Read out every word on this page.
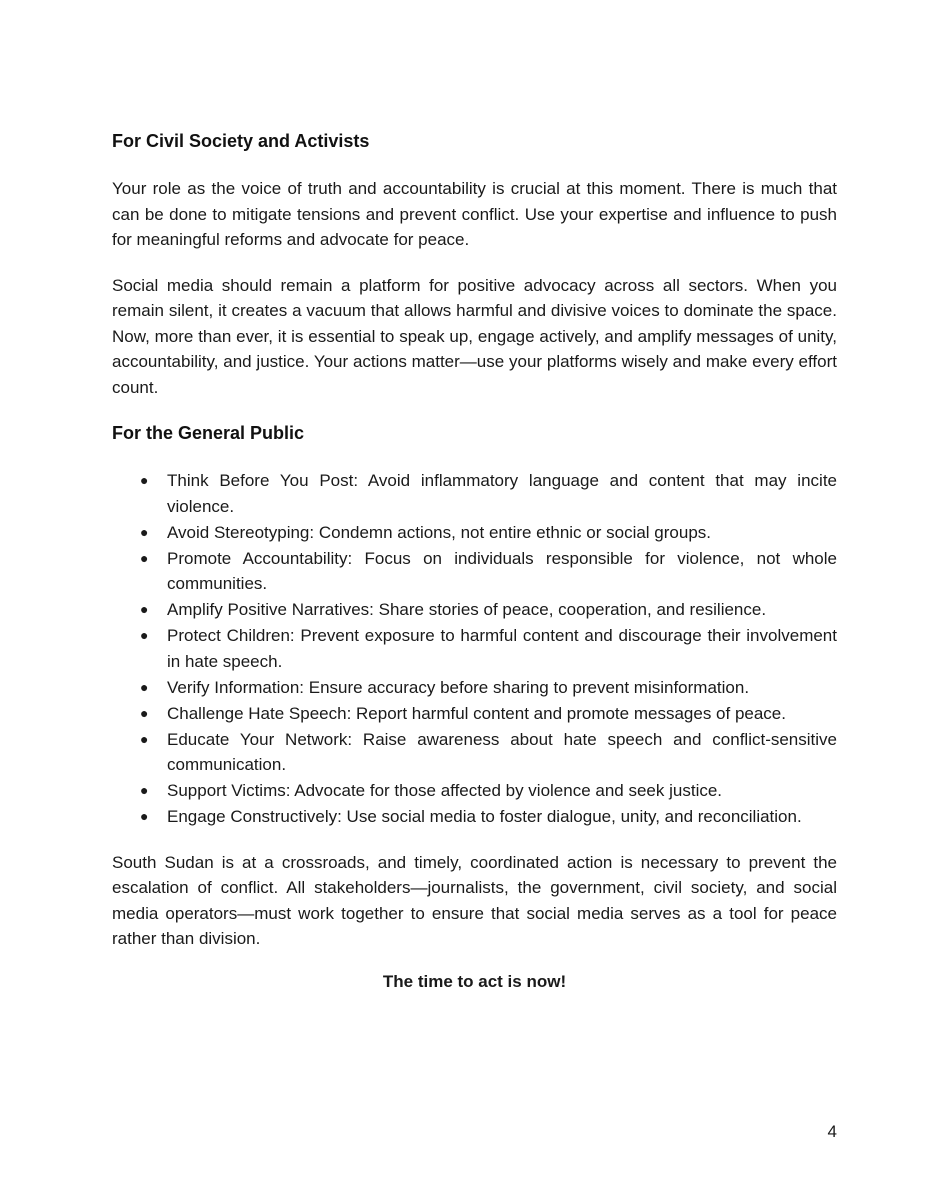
For Civil Society and Activists

Your role as the voice of truth and accountability is crucial at this moment. There is much that can be done to mitigate tensions and prevent conflict. Use your expertise and influence to push for meaningful reforms and advocate for peace.

Social media should remain a platform for positive advocacy across all sectors. When you remain silent, it creates a vacuum that allows harmful and divisive voices to dominate the space. Now, more than ever, it is essential to speak up, engage actively, and amplify messages of unity, accountability, and justice. Your actions matter—use your platforms wisely and make every effort count.

For the General Public
● Think Before You Post: Avoid inflammatory language and content that may incite violence.
● Avoid Stereotyping: Condemn actions, not entire ethnic or social groups.
● Promote Accountability: Focus on individuals responsible for violence, not whole communities.
● Amplify Positive Narratives: Share stories of peace, cooperation, and resilience.
● Protect Children: Prevent exposure to harmful content and discourage their involvement in hate speech.
● Verify Information: Ensure accuracy before sharing to prevent misinformation.
● Challenge Hate Speech: Report harmful content and promote messages of peace.
● Educate Your Network: Raise awareness about hate speech and conflict-sensitive communication.
● Support Victims: Advocate for those affected by violence and seek justice.
● Engage Constructively: Use social media to foster dialogue, unity, and reconciliation.

South Sudan is at a crossroads, and timely, coordinated action is necessary to prevent the escalation of conflict. All stakeholders—journalists, the government, civil society, and social media operators—must work together to ensure that social media serves as a tool for peace rather than division.

The time to act is now!
4
